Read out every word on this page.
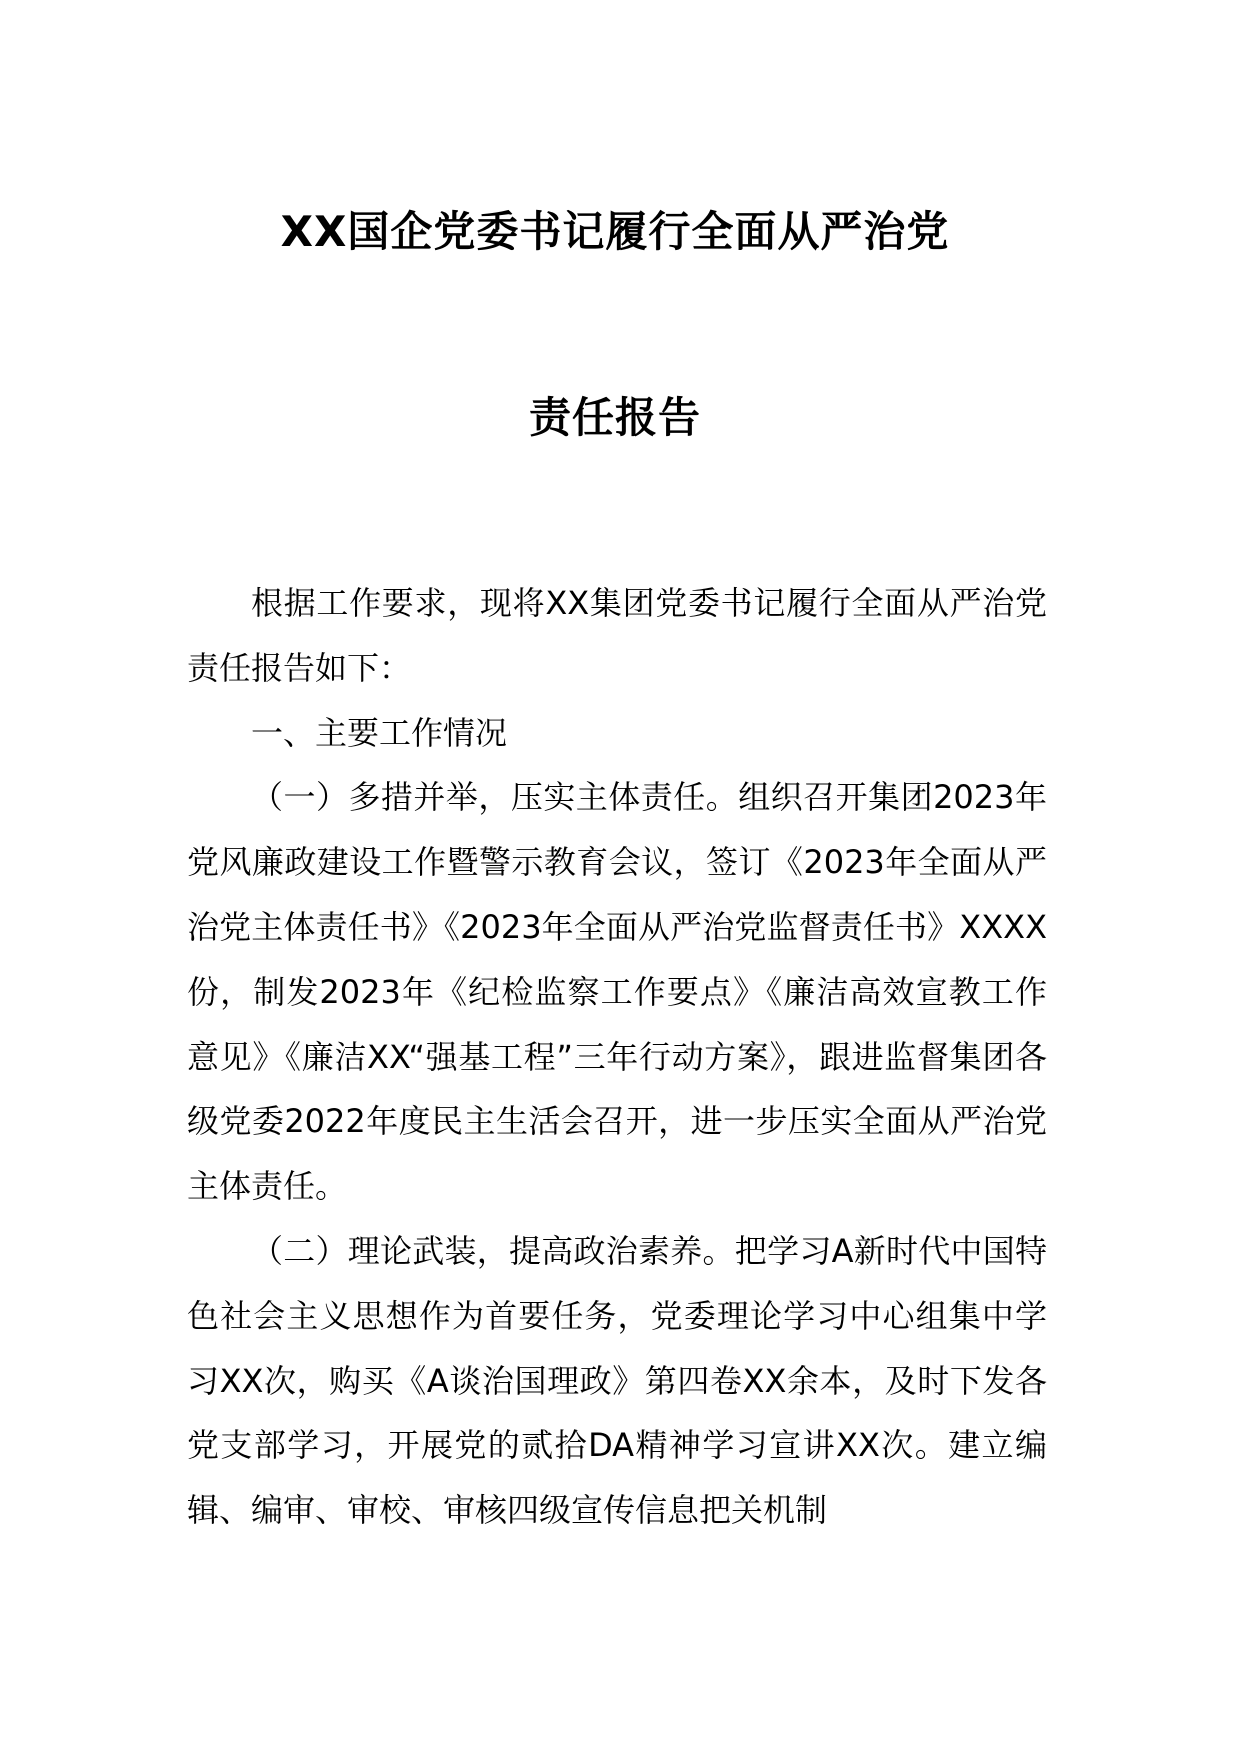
XX国企党委书记履行全面从严治党
责任报告

根据工作要求，现将XX集团党委书记履行全面从严治党责任报告如下：

一、主要工作情况

（一）多措并举，压实主体责任。组织召开集团2023年党风廉政建设工作暨警示教育会议，签订《2023年全面从严治党主体责任书》《2023年全面从严治党监督责任书》XXXX份，制发2023年《纪检监察工作要点》《廉洁高效宣教工作意见》《廉洁XX“强基工程”三年行动方案》，跟进监督集团各级党委2022年度民主生活会召开，进一步压实全面从严治党主体责任。

（二）理论武装，提高政治素养。把学习A新时代中国特色社会主义思想作为首要任务，党委理论学习中心组集中学习XX次，购买《A谈治国理政》第四卷XX余本，及时下发各党支部学习，开展党的贰拾DA精神学习宣讲XX次。建立编辑、编审、审校、审核四级宣传信息把关机制
